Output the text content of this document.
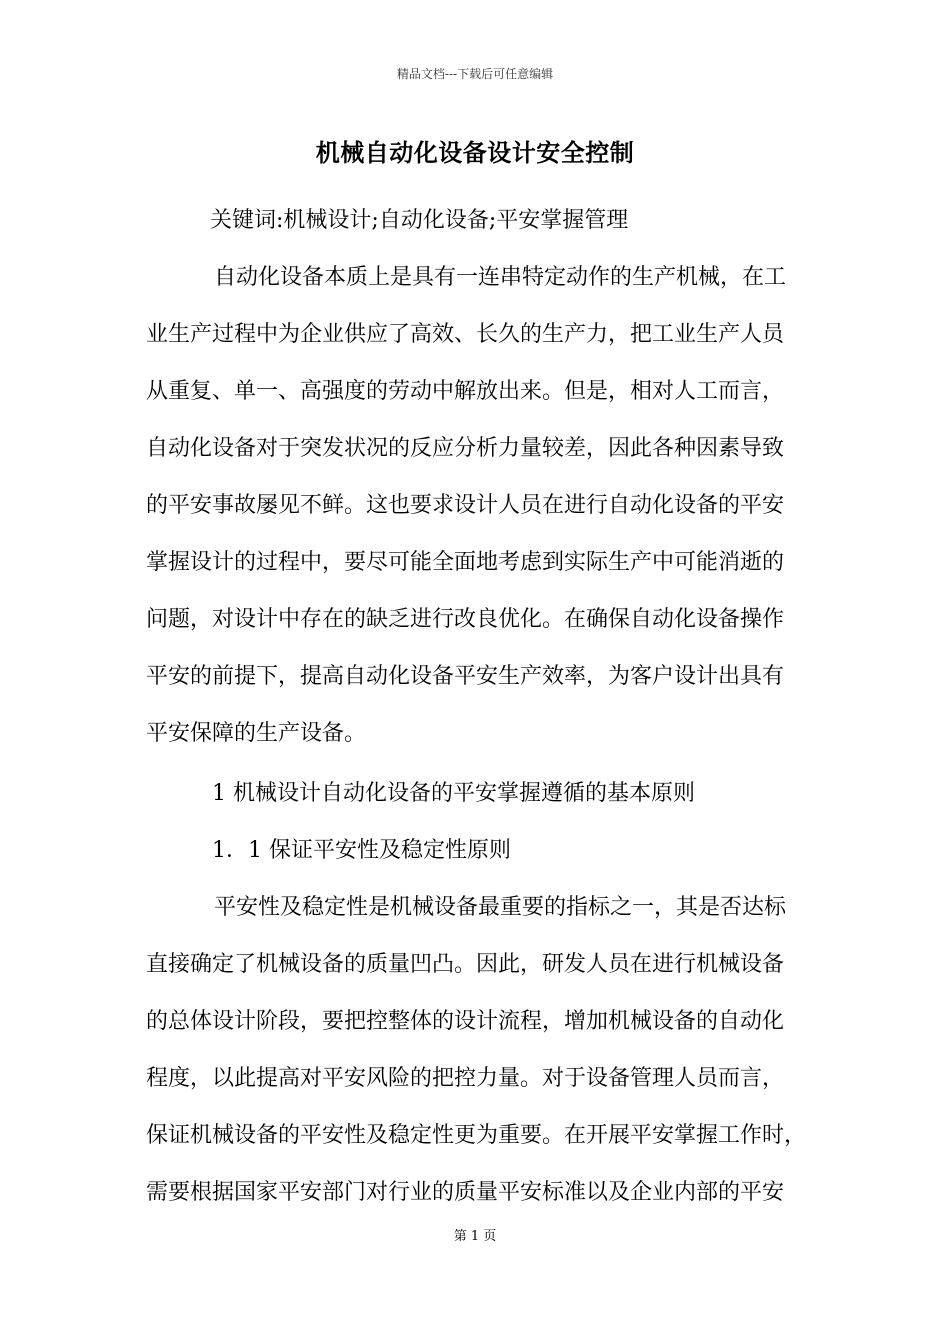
精品文档---下载后可任意编辑
机械自动化设备设计安全控制
关键词:机械设计;自动化设备;平安掌握管理
自动化设备本质上是具有一连串特定动作的生产机械，在工
业生产过程中为企业供应了高效、长久的生产力，把工业生产人员
从重复、单一、高强度的劳动中解放出来。但是，相对人工而言，
自动化设备对于突发状况的反应分析力量较差，因此各种因素导致
的平安事故屡见不鲜。这也要求设计人员在进行自动化设备的平安
掌握设计的过程中，要尽可能全面地考虑到实际生产中可能消逝的
问题，对设计中存在的缺乏进行改良优化。在确保自动化设备操作
平安的前提下，提高自动化设备平安生产效率，为客户设计出具有
平安保障的生产设备。
1 机械设计自动化设备的平安掌握遵循的基本原则
1．1 保证平安性及稳定性原则
平安性及稳定性是机械设备最重要的指标之一，其是否达标
直接确定了机械设备的质量凹凸。因此，研发人员在进行机械设备
的总体设计阶段，要把控整体的设计流程，增加机械设备的自动化
程度，以此提高对平安风险的把控力量。对于设备管理人员而言，
保证机械设备的平安性及稳定性更为重要。在开展平安掌握工作时，
需要根据国家平安部门对行业的质量平安标准以及企业内部的平安
第 1 页
